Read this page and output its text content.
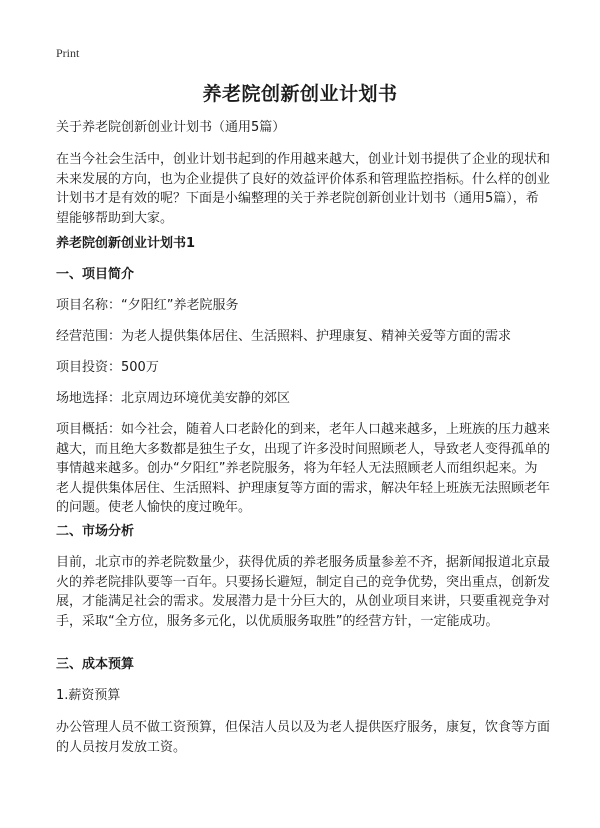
Print
养老院创新创业计划书
关于养老院创新创业计划书（通用5篇）
在当今社会生活中，创业计划书起到的作用越来越大，创业计划书提供了企业的现状和未来发展的方向，也为企业提供了良好的效益评价体系和管理监控指标。什么样的创业计划书才是有效的呢？下面是小编整理的关于养老院创新创业计划书（通用5篇），希望能够帮助到大家。
养老院创新创业计划书1
一、项目简介
项目名称：“夕阳红”养老院服务
经营范围：为老人提供集体居住、生活照料、护理康复、精神关爱等方面的需求
项目投资：500万
场地选择：北京周边环境优美安静的郊区
项目概括：如今社会，随着人口老龄化的到来，老年人口越来越多，上班族的压力越来越大，而且绝大多数都是独生子女，出现了许多没时间照顾老人，导致老人变得孤单的事情越来越多。创办“夕阳红”养老院服务，将为年轻人无法照顾老人而组织起来。为老人提供集体居住、生活照料、护理康复等方面的需求，解决年轻上班族无法照顾老年的问题。使老人愉快的度过晚年。
二、市场分析
目前，北京市的养老院数量少，获得优质的养老服务质量参差不齐，据新闻报道北京最火的养老院排队要等一百年。只要扬长避短，制定自己的竞争优势，突出重点，创新发展，才能满足社会的需求。发展潜力是十分巨大的，从创业项目来讲，只要重视竞争对手，采取“全方位，服务多元化，以优质服务取胜”的经营方针，一定能成功。
三、成本预算
1.薪资预算
办公管理人员不做工资预算，但保洁人员以及为老人提供医疗服务，康复，饮食等方面的人员按月发放工资。
